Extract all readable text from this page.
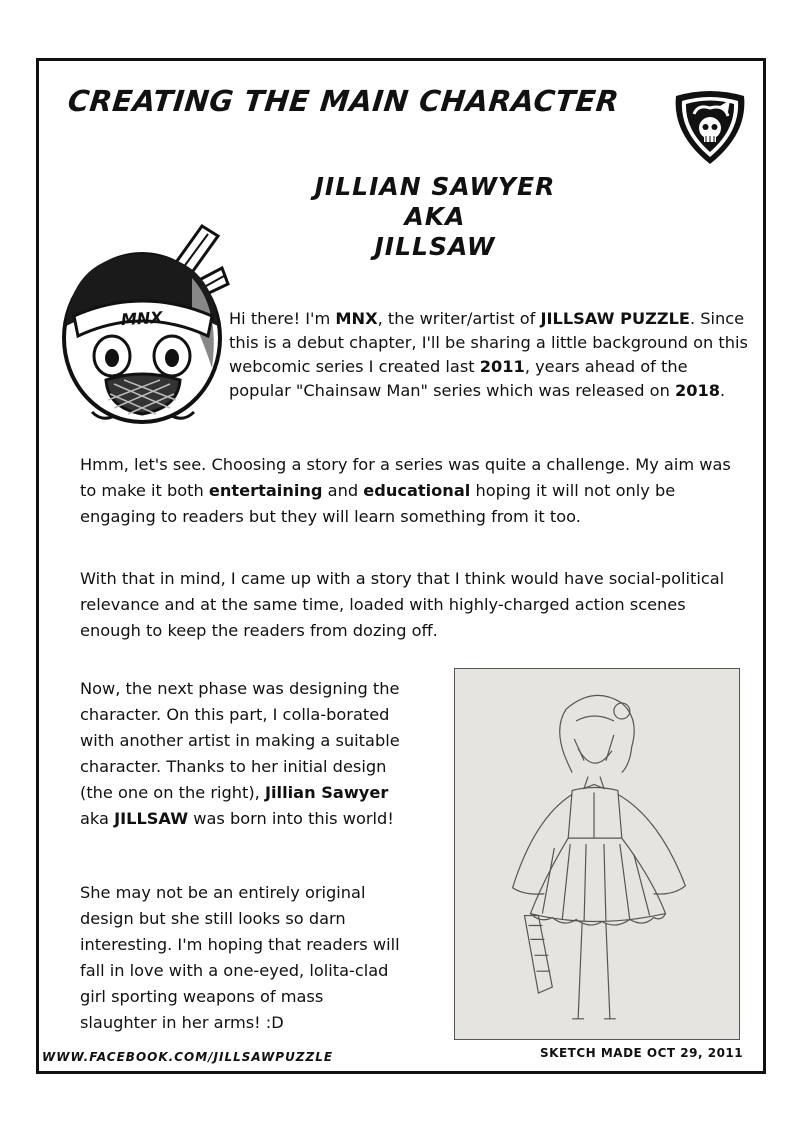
CREATING THE MAIN CHARACTER
JILLIAN SAWYER
AKA
JILLSAW
MNX	Hi there! I'm MNX, the writer/artist of JILLSAW PUZZLE. Since this is a debut chapter, I'll be sharing a little background on this webcomic series I created last 2011, years ahead of the popular "Chainsaw Man" series which was released on 2018.

Hmm, let's see. Choosing a story for a series was quite a challenge. My aim was to make it both entertaining and educational hoping it will not only be engaging to readers but they will learn something from it too.

With that in mind, I came up with a story that I think would have social-political relevance and at the same time, loaded with highly-charged action scenes enough to keep the readers from dozing off.

Now, the next phase was designing the character. On this part, I colla-borated with another artist in making a suitable character. Thanks to her initial design (the one on the right), Jillian Sawyer aka JILLSAW was born into this world!

She may not be an entirely original design but she still looks so darn interesting. I'm hoping that readers will fall in love with a one-eyed, lolita-clad girl sporting weapons of mass slaughter in her arms! :D

WWW.FACEBOOK.COM/JILLSAWPUZZLE	SKETCH MADE OCT 29, 2011
